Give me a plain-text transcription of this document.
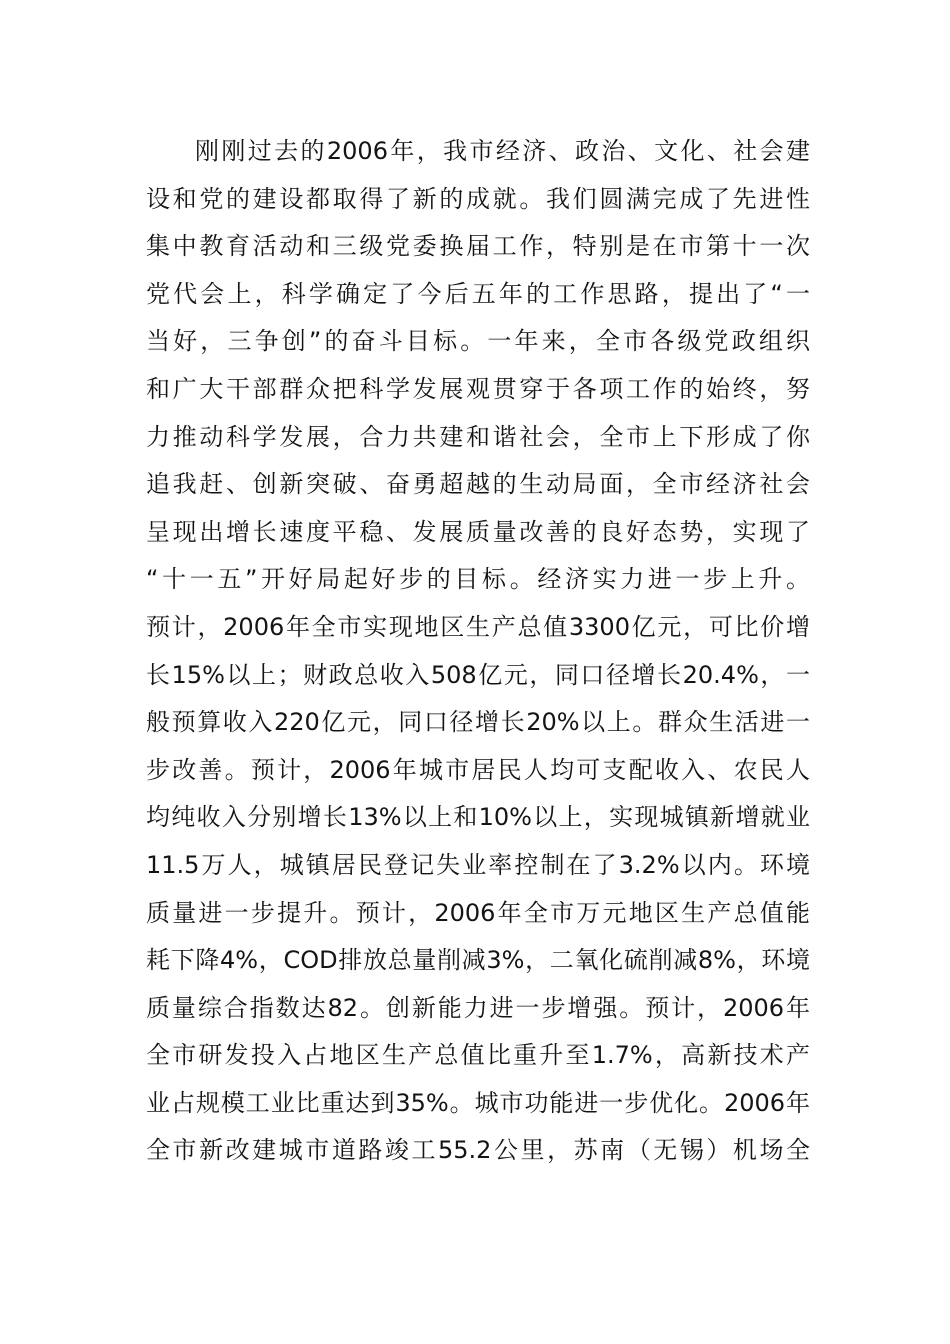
刚刚过去的2006年，我市经济、政治、文化、社会建
设和党的建设都取得了新的成就。我们圆满完成了先进性
集中教育活动和三级党委换届工作，特别是在市第十一次
党代会上，科学确定了今后五年的工作思路，提出了“一
当好，三争创”的奋斗目标。一年来，全市各级党政组织
和广大干部群众把科学发展观贯穿于各项工作的始终，努
力推动科学发展，合力共建和谐社会，全市上下形成了你
追我赶、创新突破、奋勇超越的生动局面，全市经济社会
呈现出增长速度平稳、发展质量改善的良好态势，实现了
“十一五”开好局起好步的目标。经济实力进一步上升。
预计，2006年全市实现地区生产总值3300亿元，可比价增
长15%以上；财政总收入508亿元，同口径增长20.4%，一
般预算收入220亿元，同口径增长20%以上。群众生活进一
步改善。预计，2006年城市居民人均可支配收入、农民人
均纯收入分别增长13%以上和10%以上，实现城镇新增就业
11.5万人，城镇居民登记失业率控制在了3.2%以内。环境
质量进一步提升。预计，2006年全市万元地区生产总值能
耗下降4%，COD排放总量削减3%，二氧化硫削减8%，环境
质量综合指数达82。创新能力进一步增强。预计，2006年
全市研发投入占地区生产总值比重升至1.7%，高新技术产
业占规模工业比重达到35%。城市功能进一步优化。2006年
全市新改建城市道路竣工55.2公里，苏南（无锡）机场全
